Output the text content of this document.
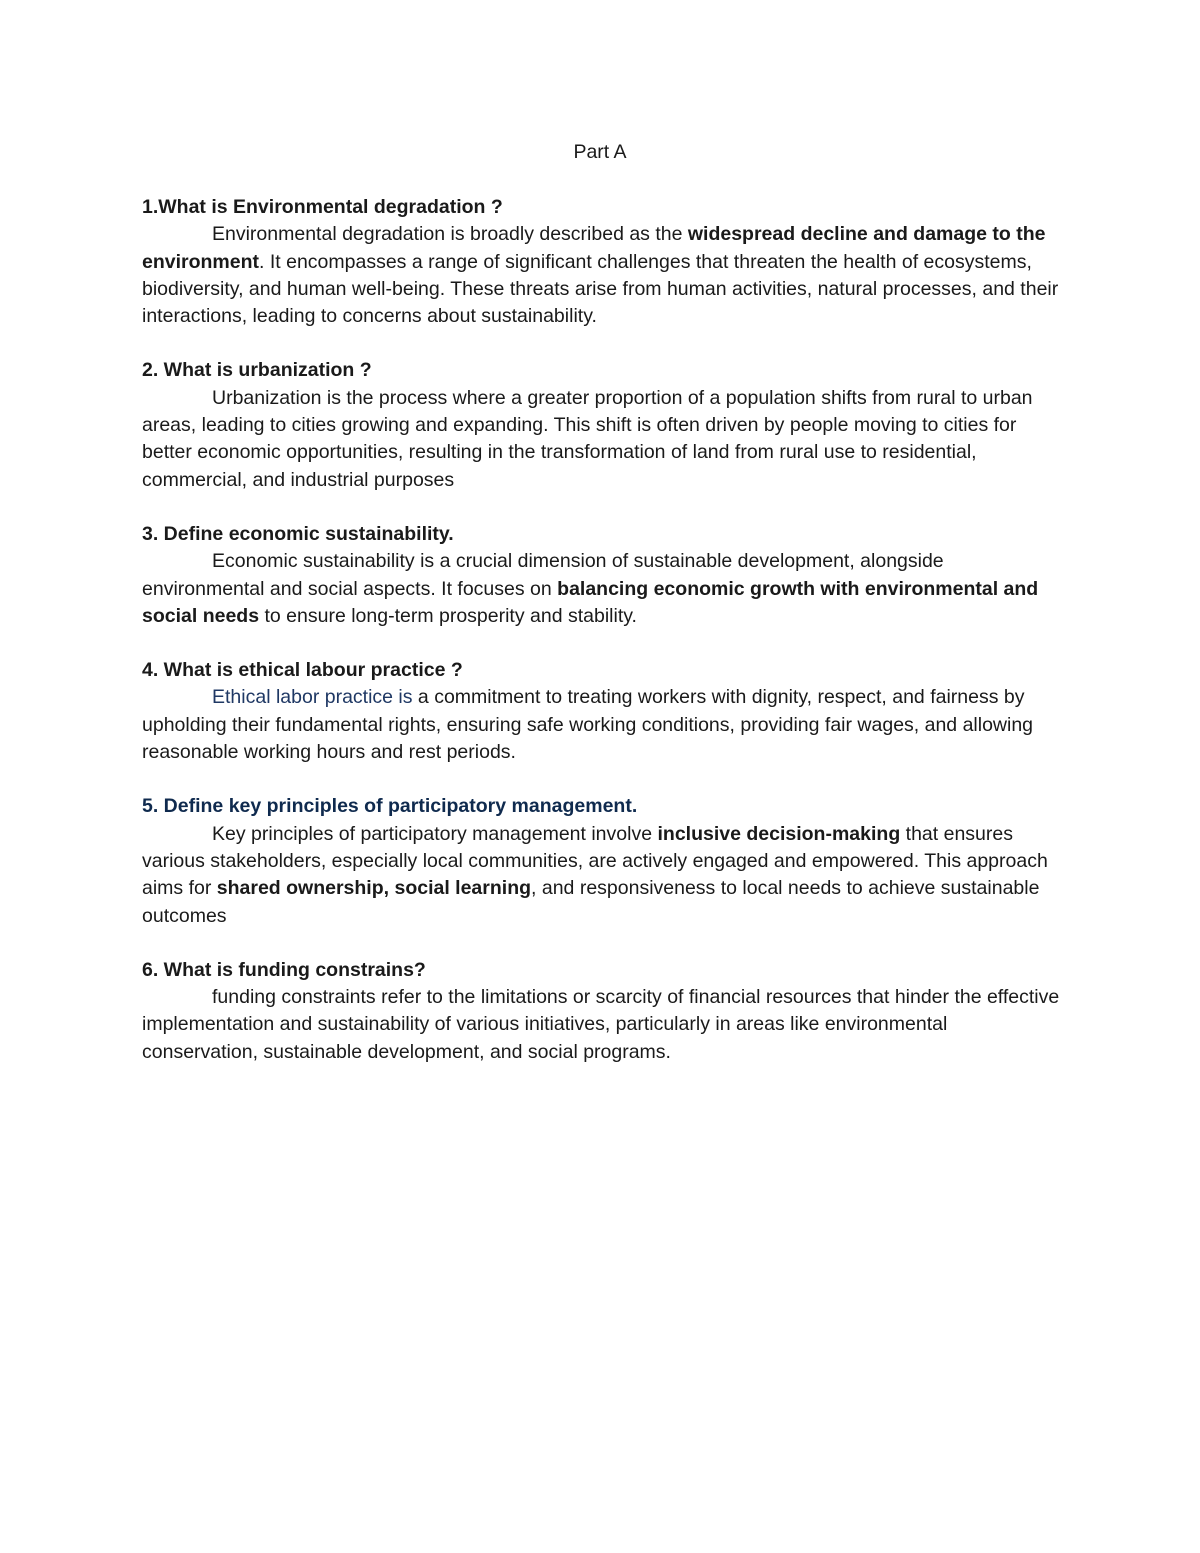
Part A

1.What is Environmental degradation ?

Environmental degradation is broadly described as the widespread decline and damage to the environment. It encompasses a range of significant challenges that threaten the health of ecosystems, biodiversity, and human well-being. These threats arise from human activities, natural processes, and their interactions, leading to concerns about sustainability.

2. What is urbanization ?

Urbanization is the process where a greater proportion of a population shifts from rural to urban areas, leading to cities growing and expanding. This shift is often driven by people moving to cities for better economic opportunities, resulting in the transformation of land from rural use to residential, commercial, and industrial purposes

3. Define economic sustainability.

Economic sustainability is a crucial dimension of sustainable development, alongside environmental and social aspects. It focuses on balancing economic growth with environmental and social needs to ensure long-term prosperity and stability.

4. What is ethical labour practice ?

Ethical labor practice is a commitment to treating workers with dignity, respect, and fairness by upholding their fundamental rights, ensuring safe working conditions, providing fair wages, and allowing reasonable working hours and rest periods.

5. Define key principles of participatory management.

Key principles of participatory management involve inclusive decision-making that ensures various stakeholders, especially local communities, are actively engaged and empowered. This approach aims for shared ownership, social learning, and responsiveness to local needs to achieve sustainable outcomes

6. What is funding constrains?

funding constraints refer to the limitations or scarcity of financial resources that hinder the effective implementation and sustainability of various initiatives, particularly in areas like environmental conservation, sustainable development, and social programs.
